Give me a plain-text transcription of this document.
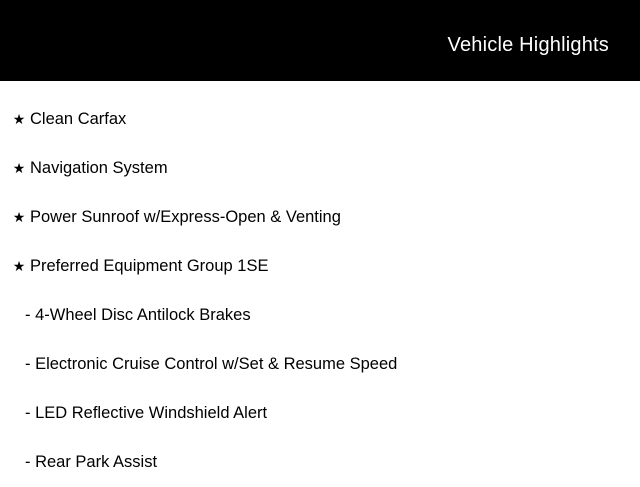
Vehicle Highlights
★ Clean Carfax
★ Navigation System
★ Power Sunroof w/Express-Open & Venting
★ Preferred Equipment Group 1SE
- 4-Wheel Disc Antilock Brakes
- Electronic Cruise Control w/Set & Resume Speed
- LED Reflective Windshield Alert
- Rear Park Assist
